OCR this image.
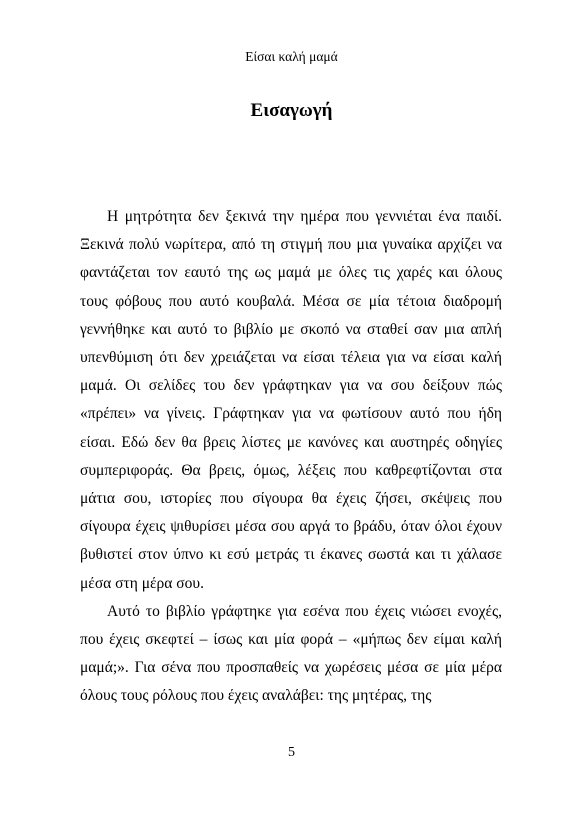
Είσαι καλή μαμά
Εισαγωγή

Η μητρότητα δεν ξεκινά την ημέρα που γεννιέται ένα παιδί. Ξεκινά πολύ νωρίτερα, από τη στιγμή που μια γυναίκα αρχίζει να φαντάζεται τον εαυτό της ως μαμά με όλες τις χαρές και όλους τους φόβους που αυτό κουβαλά. Μέσα σε μία τέτοια διαδρομή γεννήθηκε και αυτό το βιβλίο με σκοπό να σταθεί σαν μια απλή υπενθύμιση ότι δεν χρειάζεται να είσαι τέλεια για να είσαι καλή μαμά. Οι σελίδες του δεν γράφτηκαν για να σου δείξουν πώς «πρέπει» να γίνεις. Γράφτηκαν για να φωτίσουν αυτό που ήδη είσαι. Εδώ δεν θα βρεις λίστες με κανόνες και αυστηρές οδηγίες συμπεριφοράς. Θα βρεις, όμως, λέξεις που καθρεφτίζονται στα μάτια σου, ιστορίες που σίγουρα θα έχεις ζήσει, σκέψεις που σίγουρα έχεις ψιθυρίσει μέσα σου αργά το βράδυ, όταν όλοι έχουν βυθιστεί στον ύπνο κι εσύ μετράς τι έκανες σωστά και τι χάλασε μέσα στη μέρα σου.

Αυτό το βιβλίο γράφτηκε για εσένα που έχεις νιώσει ενοχές, που έχεις σκεφτεί – ίσως και μία φορά – «μήπως δεν είμαι καλή μαμά;». Για σένα που προσπαθείς να χωρέσεις μέσα σε μία μέρα όλους τους ρόλους που έχεις αναλάβει: της μητέρας, της

5
